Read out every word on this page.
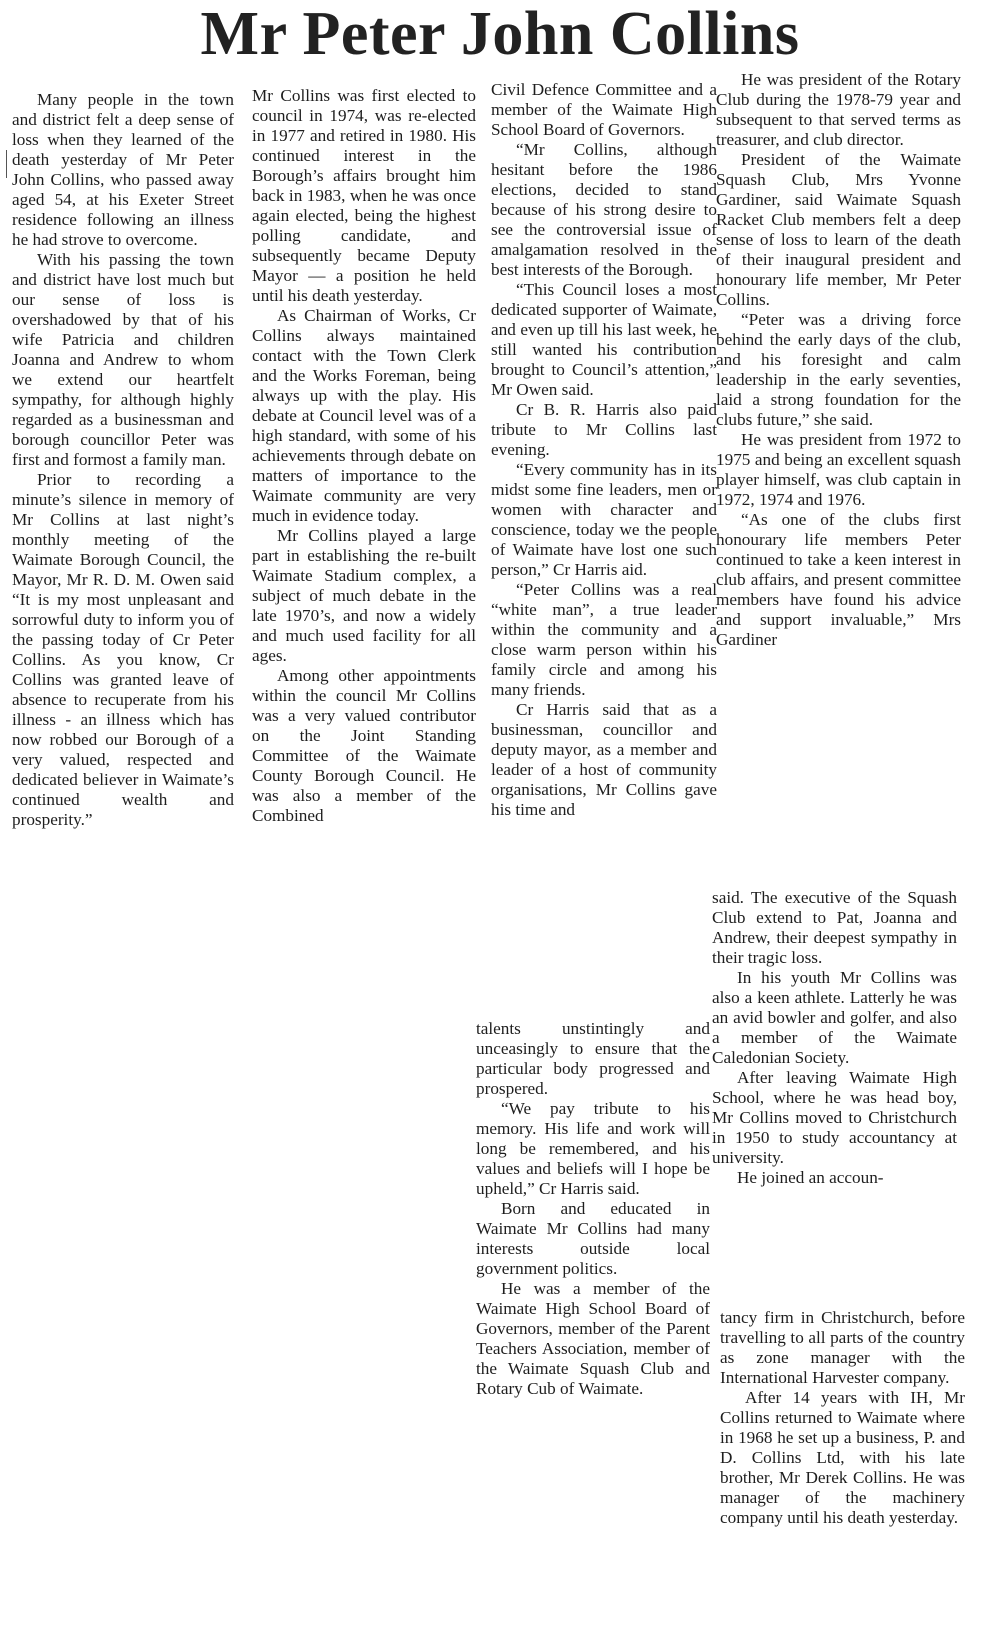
Mr Peter John Collins

Many people in the town and district felt a deep sense of loss when they learned of the death yesterday of Mr Peter John Collins, who passed away aged 54, at his Exeter Street residence following an illness he had strove to overcome.

With his passing the town and district have lost much but our sense of loss is overshadowed by that of his wife Patricia and children Joanna and Andrew to whom we extend our heartfelt sympathy, for although highly regarded as a businessman and borough councillor Peter was first and formost a family man.

Prior to recording a minute’s silence in memory of Mr Collins at last night’s monthly meeting of the Waimate Borough Council, the Mayor, Mr R. D. M. Owen said “It is my most unpleasant and sorrowful duty to inform you of the passing today of Cr Peter Collins. As you know, Cr Collins was granted leave of absence to recuperate from his illness - an illness which has now robbed our Borough of a very valued, respected and dedicated believer in Waimate’s continued wealth and prosperity.”

Mr Collins was first elected to council in 1974, was re-elected in 1977 and retired in 1980. His continued interest in the Borough’s affairs brought him back in 1983, when he was once again elected, being the highest polling candidate, and subsequently became Deputy Mayor — a position he held until his death yesterday.

As Chairman of Works, Cr Collins always maintained contact with the Town Clerk and the Works Foreman, being always up with the play. His debate at Council level was of a high standard, with some of his achievements through debate on matters of importance to the Waimate community are very much in evidence today.

Mr Collins played a large part in establishing the re-built Waimate Stadium complex, a subject of much debate in the late 1970’s, and now a widely and much used facility for all ages.

Among other appointments within the council Mr Collins was a very valued contributor on the Joint Standing Committee of the Waimate County Borough Council. He was also a member of the Combined

Civil Defence Committee and a member of the Waimate High School Board of Governors.

“Mr Collins, although hesitant before the 1986 elections, decided to stand because of his strong desire to see the controversial issue of amalgamation resolved in the best interests of the Borough.

“This Council loses a most dedicated supporter of Waimate, and even up till his last week, he still wanted his contribution brought to Council’s attention,” Mr Owen said.

Cr B. R. Harris also paid tribute to Mr Collins last evening.

“Every community has in its midst some fine leaders, men or women with character and conscience, today we the people of Waimate have lost one such person,” Cr Harris aid.

“Peter Collins was a real “white man”, a true leader within the community and a close warm person within his family circle and among his many friends.

Cr Harris said that as a businessman, councillor and deputy mayor, as a member and leader of a host of community organisations, Mr Collins gave his time and

talents unstintingly and unceasingly to ensure that the particular body progressed and prospered.

“We pay tribute to his memory. His life and work will long be remembered, and his values and beliefs will I hope be upheld,” Cr Harris said.

Born and educated in Waimate Mr Collins had many interests outside local government politics.

He was a member of the Waimate High School Board of Governors, member of the Parent Teachers Association, member of the Waimate Squash Club and Rotary Cub of Waimate.

He was president of the Rotary Club during the 1978-79 year and subsequent to that served terms as treasurer, and club director.

President of the Waimate Squash Club, Mrs Yvonne Gardiner, said Waimate Squash Racket Club members felt a deep sense of loss to learn of the death of their inaugural president and honourary life member, Mr Peter Collins.

“Peter was a driving force behind the early days of the club, and his foresight and calm leadership in the early seventies, laid a strong foundation for the clubs future,” she said.

He was president from 1972 to 1975 and being an excellent squash player himself, was club captain in 1972, 1974 and 1976.

“As one of the clubs first honourary life members Peter continued to take a keen interest in club affairs, and present committee members have found his advice and support invaluable,” Mrs Gardiner

said. The executive of the Squash Club extend to Pat, Joanna and Andrew, their deepest sympathy in their tragic loss.

In his youth Mr Collins was also a keen athlete. Latterly he was an avid bowler and golfer, and also a member of the Waimate Caledonian Society.

After leaving Waimate High School, where he was head boy, Mr Collins moved to Christchurch in 1950 to study accountancy at university.

He joined an accoun-

tancy firm in Christchurch, before travelling to all parts of the country as zone manager with the International Harvester company.

After 14 years with IH, Mr Collins returned to Waimate where in 1968 he set up a business, P. and D. Collins Ltd, with his late brother, Mr Derek Collins. He was manager of the machinery company until his death yesterday.
